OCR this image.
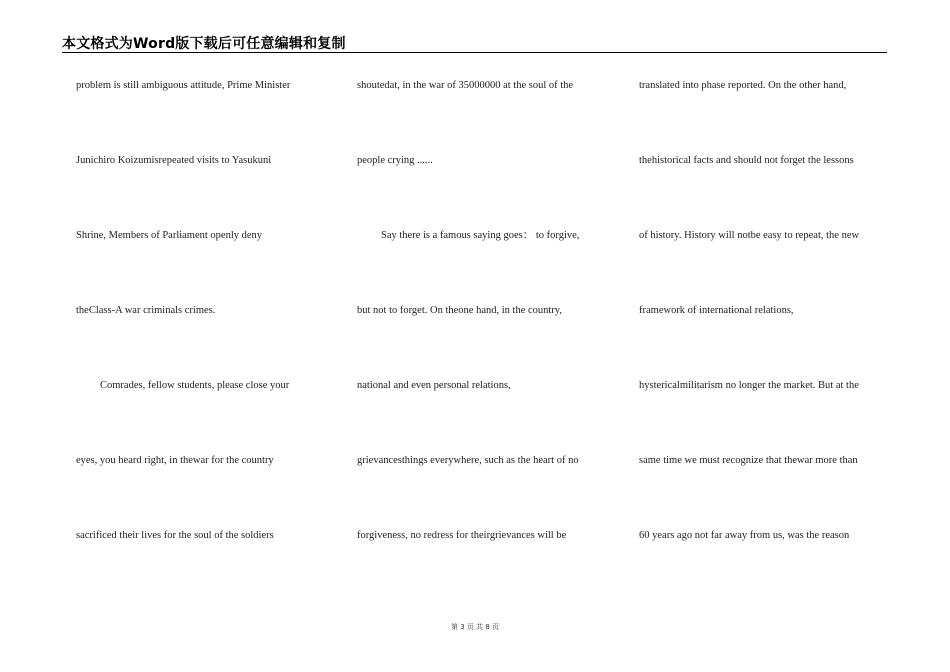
本文格式为Word版下载后可任意编辑和复制
problem is still ambiguous attitude, Prime Minister
Junichiro Koizumisrepeated visits to Yasukuni
Shrine, Members of Parliament openly deny
theClass-A war criminals crimes.
Comrades, fellow students, please close your
eyes, you heard right, in thewar for the country
sacrificed their lives for the soul of the soldiers
shoutedat, in the war of 35000000 at the soul of the
people crying ......
Say there is a famous saying goes： to forgive,
but not to forget. On theone hand, in the country,
national and even personal relations,
grievancesthings everywhere, such as the heart of no
forgiveness, no redress for theirgrievances will be
translated into phase reported. On the other hand,
thehistorical facts and should not forget the lessons
of history. History will notbe easy to repeat, the new
framework of international relations,
hystericalmilitarism no longer the market. But at the
same time we must recognize that thewar more than
60 years ago not far away from us, was the reason
第 3 页 共 8 页
